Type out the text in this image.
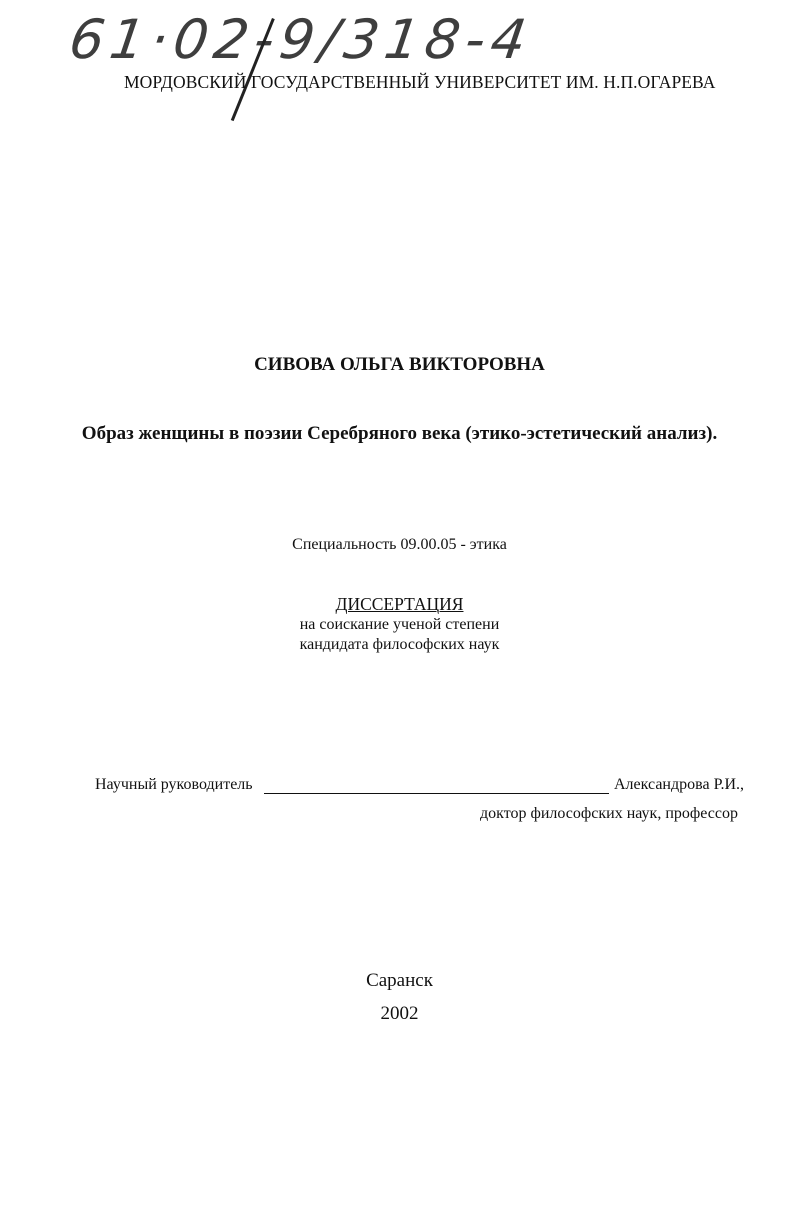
61·02-9/318-4
МОРДОВСКИЙ ГОСУДАРСТВЕННЫЙ УНИВЕРСИТЕТ ИМ. Н.П.ОГАРЕВА
СИВОВА ОЛЬГА ВИКТОРОВНА
Образ женщины в поэзии Серебряного века (этико-эстетический анализ).
Специальность 09.00.05 - этика
ДИССЕРТАЦИЯ
на соискание ученой степени
кандидата философских наук
Научный руководитель	Александрова Р.И.,
доктор философских наук, профессор
Саранск
2002
